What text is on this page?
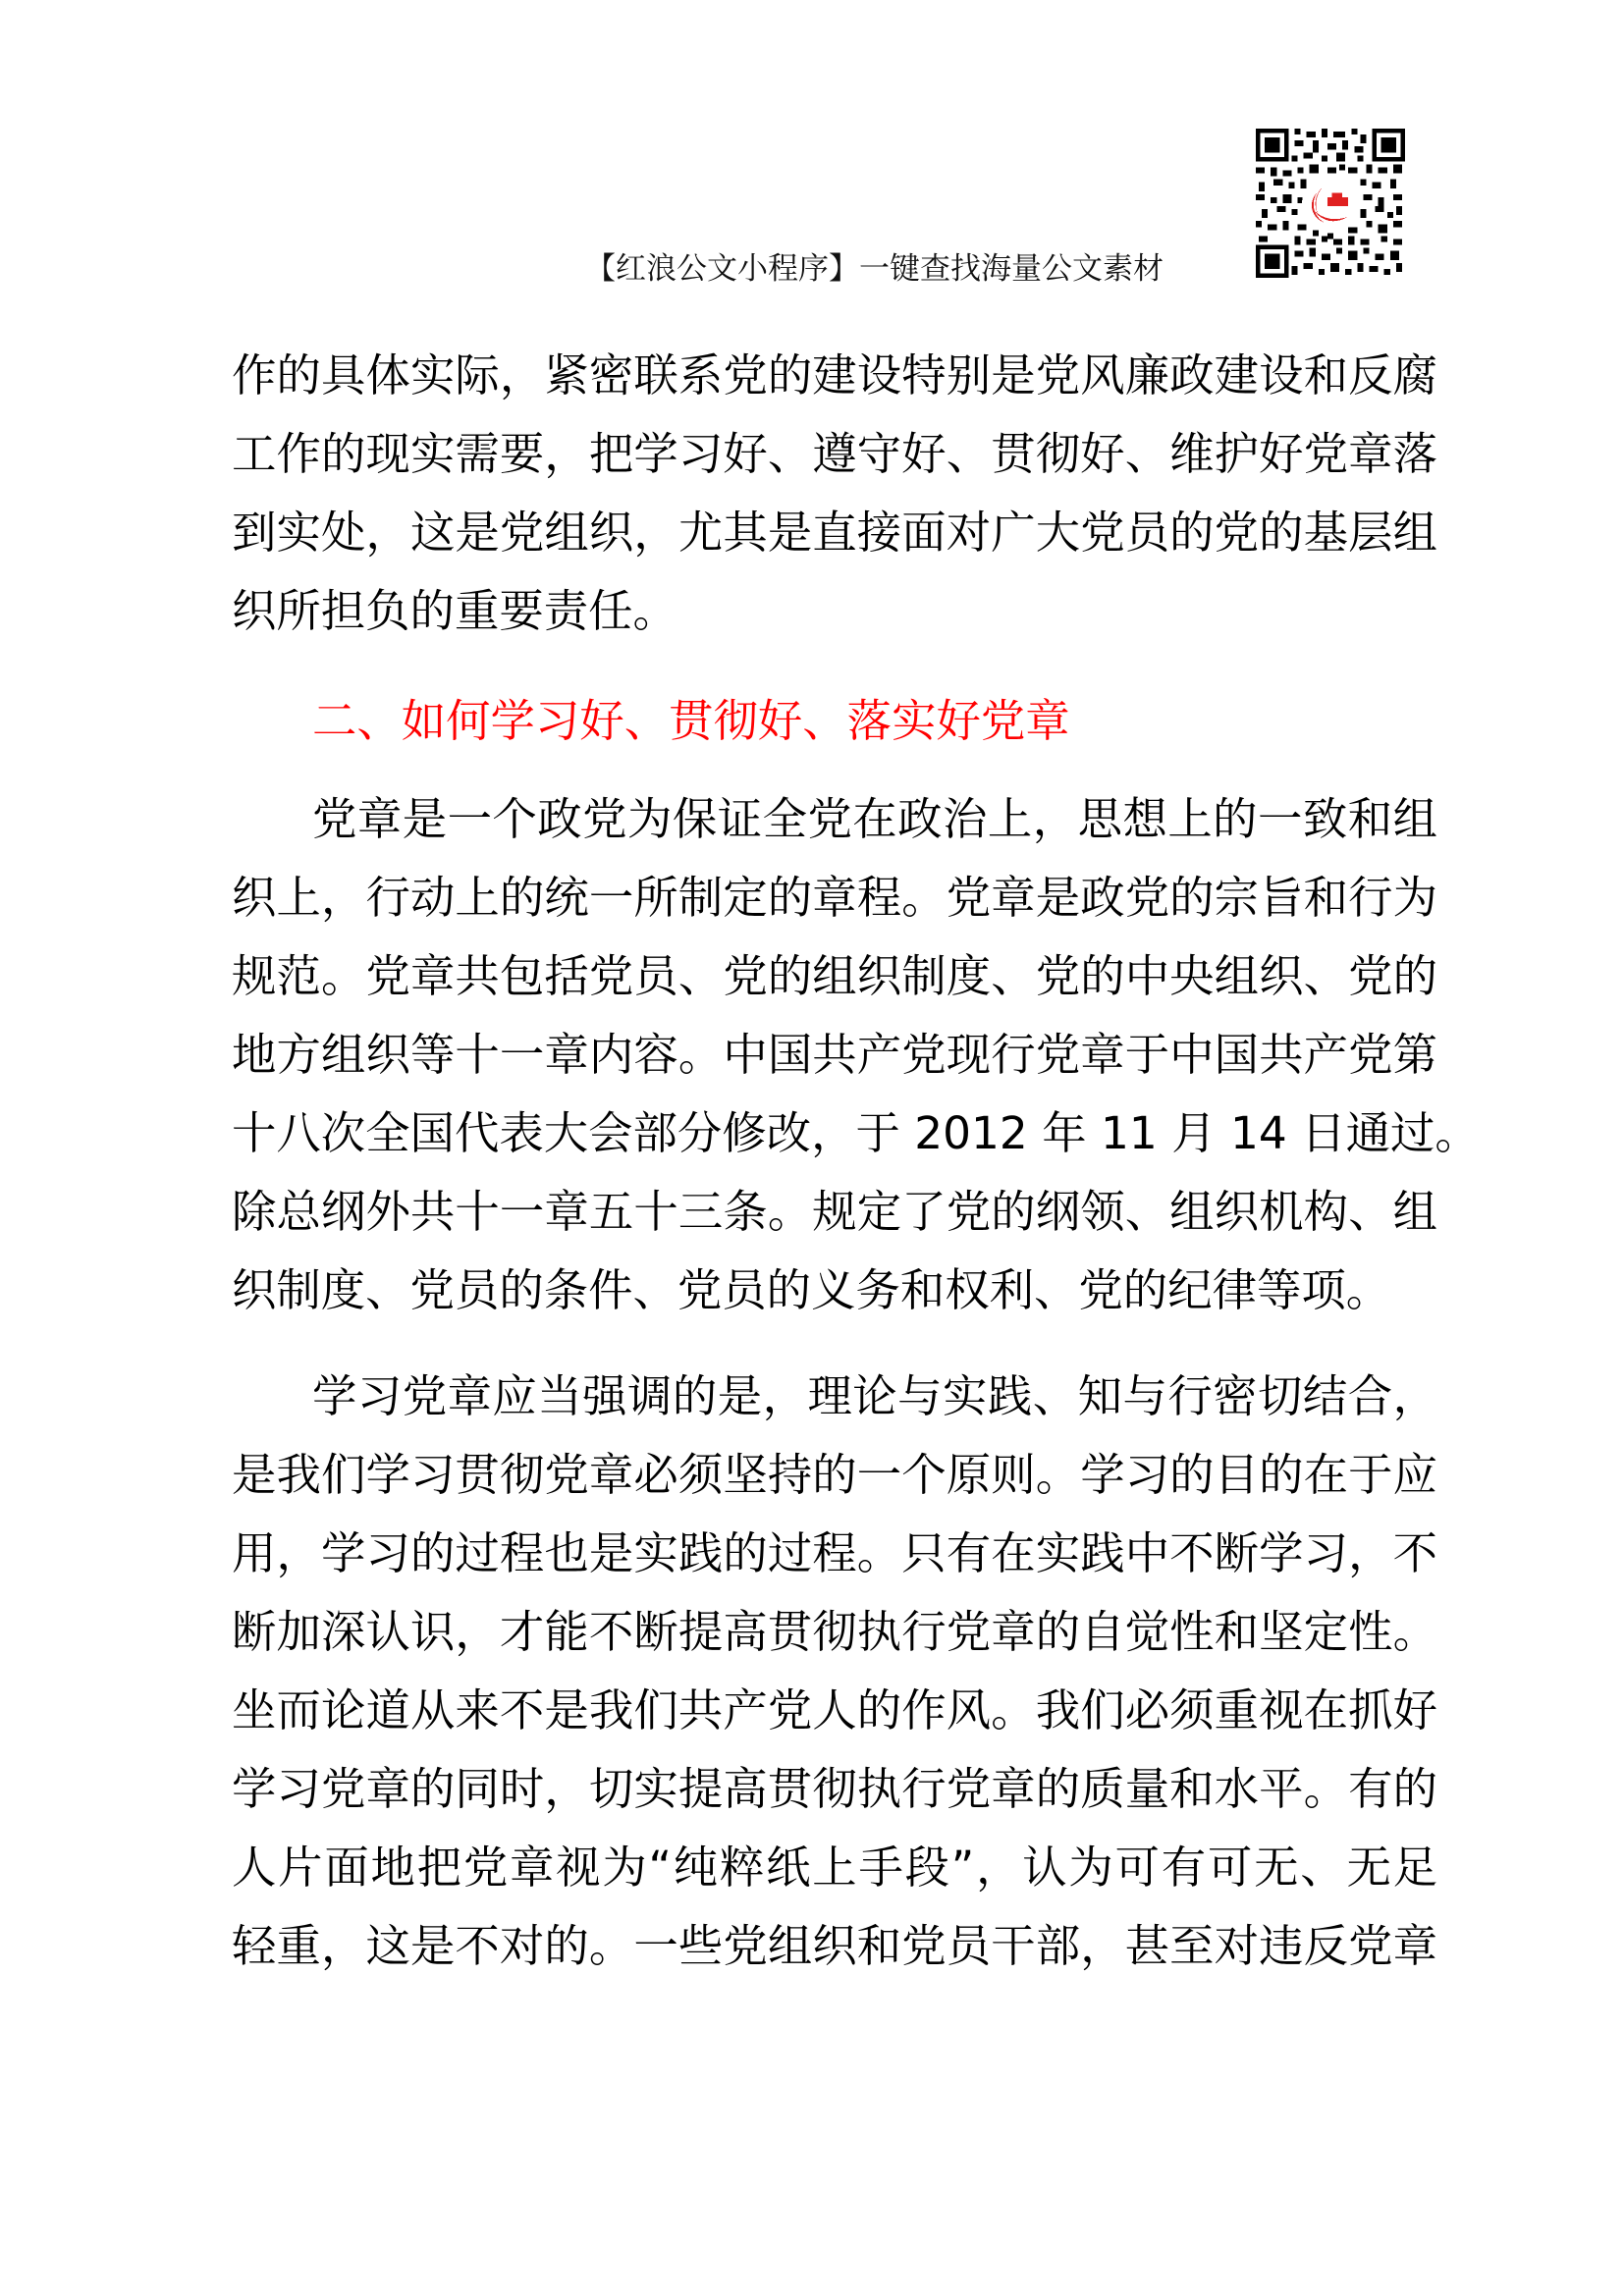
【红浪公文小程序】一键查找海量公文素材

作的具体实际，紧密联系党的建设特别是党风廉政建设和反腐
工作的现实需要，把学习好、遵守好、贯彻好、维护好党章落
到实处，这是党组织，尤其是直接面对广大党员的党的基层组
织所担负的重要责任。

二、如何学习好、贯彻好、落实好党章

党章是一个政党为保证全党在政治上，思想上的一致和组
织上，行动上的统一所制定的章程。党章是政党的宗旨和行为
规范。党章共包括党员、党的组织制度、党的中央组织、党的
地方组织等十一章内容。中国共产党现行党章于中国共产党第
十八次全国代表大会部分修改，于 2012 年 11 月 14 日通过。
除总纲外共十一章五十三条。规定了党的纲领、组织机构、组
织制度、党员的条件、党员的义务和权利、党的纪律等项。

学习党章应当强调的是，理论与实践、知与行密切结合，
是我们学习贯彻党章必须坚持的一个原则。学习的目的在于应
用，学习的过程也是实践的过程。只有在实践中不断学习，不
断加深认识，才能不断提高贯彻执行党章的自觉性和坚定性。
坐而论道从来不是我们共产党人的作风。我们必须重视在抓好
学习党章的同时，切实提高贯彻执行党章的质量和水平。有的
人片面地把党章视为“纯粹纸上手段”，认为可有可无、无足
轻重，这是不对的。一些党组织和党员干部，甚至对违反党章
